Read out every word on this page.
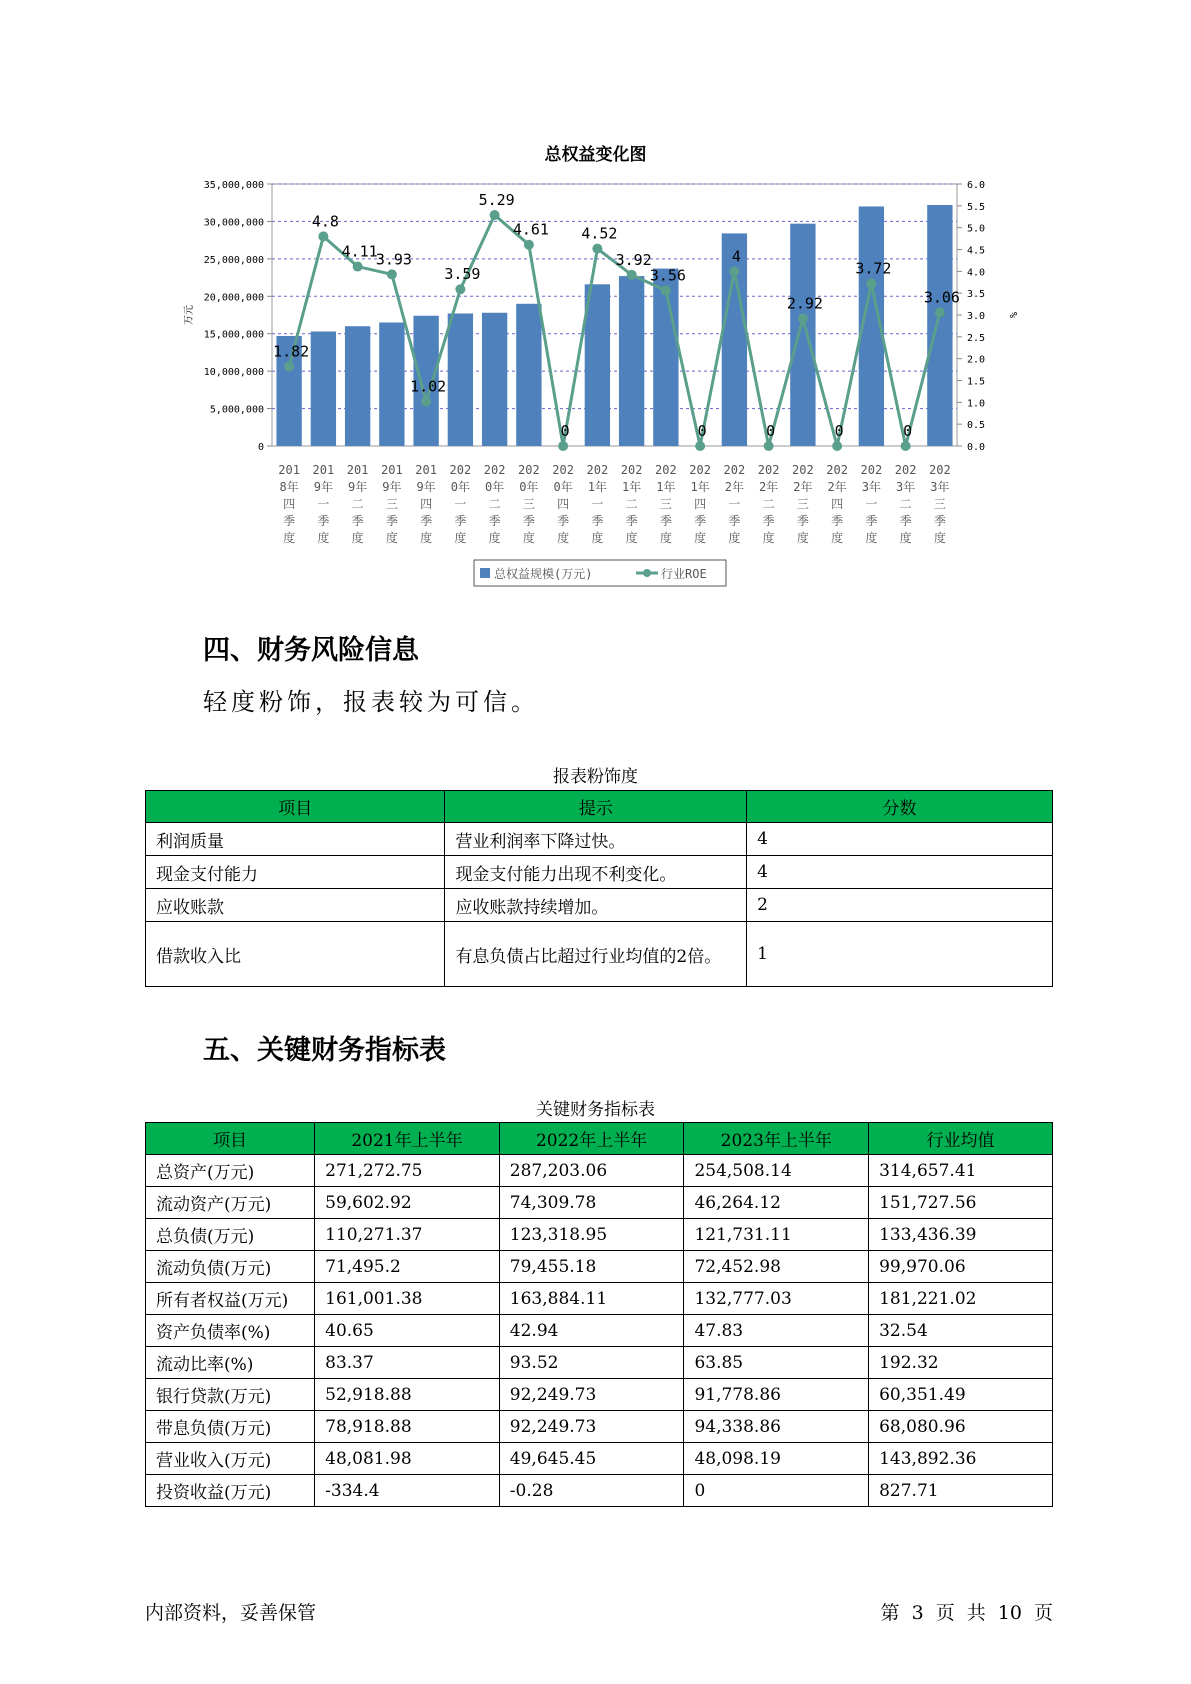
总权益变化图
0
5,000,000
10,000,000
15,000,000
20,000,000
25,000,000
30,000,000
35,000,000
0.0
0.5
1.0
1.5
2.0
2.5
3.0
3.5
4.0
4.5
5.0
5.5
6.0
万元	%
1.82
4.8
4.11
3.93
1.02
3.59
5.29
4.61
0
4.52
3.92
3.56
0
4
0
2.92
0
3.72
0
3.06
201
8年
四
季
度
201
9年
一
季
度
201
9年
二
季
度
201
9年
三
季
度
201
9年
四
季
度
202
0年
一
季
度
202
0年
二
季
度
202
0年
三
季
度
202
0年
四
季
度
202
1年
一
季
度
202
1年
二
季
度
202
1年
三
季
度
202
1年
四
季
度
202
2年
一
季
度
202
2年
二
季
度
202
2年
三
季
度
202
2年
四
季
度
202
3年
一
季
度
202
3年
二
季
度
202
3年
三
季
度
总权益规模(万元)	行业ROE
四、财务风险信息
轻度粉饰，报表较为可信。
报表粉饰度
项目	提示	分数
利润质量	营业利润率下降过快。	4
现金支付能力	现金支付能力出现不利变化。	4
应收账款	应收账款持续增加。	2
借款收入比	有息负债占比超过行业均值的2倍。	1
五、关键财务指标表
关键财务指标表
项目	2021年上半年	2022年上半年	2023年上半年	行业均值
总资产(万元)	271,272.75	287,203.06	254,508.14	314,657.41
流动资产(万元)	59,602.92	74,309.78	46,264.12	151,727.56
总负债(万元)	110,271.37	123,318.95	121,731.11	133,436.39
流动负债(万元)	71,495.2	79,455.18	72,452.98	99,970.06
所有者权益(万元)	161,001.38	163,884.11	132,777.03	181,221.02
资产负债率(%)	40.65	42.94	47.83	32.54
流动比率(%)	83.37	93.52	63.85	192.32
银行贷款(万元)	52,918.88	92,249.73	91,778.86	60,351.49
带息负债(万元)	78,918.88	92,249.73	94,338.86	68,080.96
营业收入(万元)	48,081.98	49,645.45	48,098.19	143,892.36
投资收益(万元)	-334.4	-0.28	0	827.71
内部资料，妥善保管	第 3 页 共 10 页
